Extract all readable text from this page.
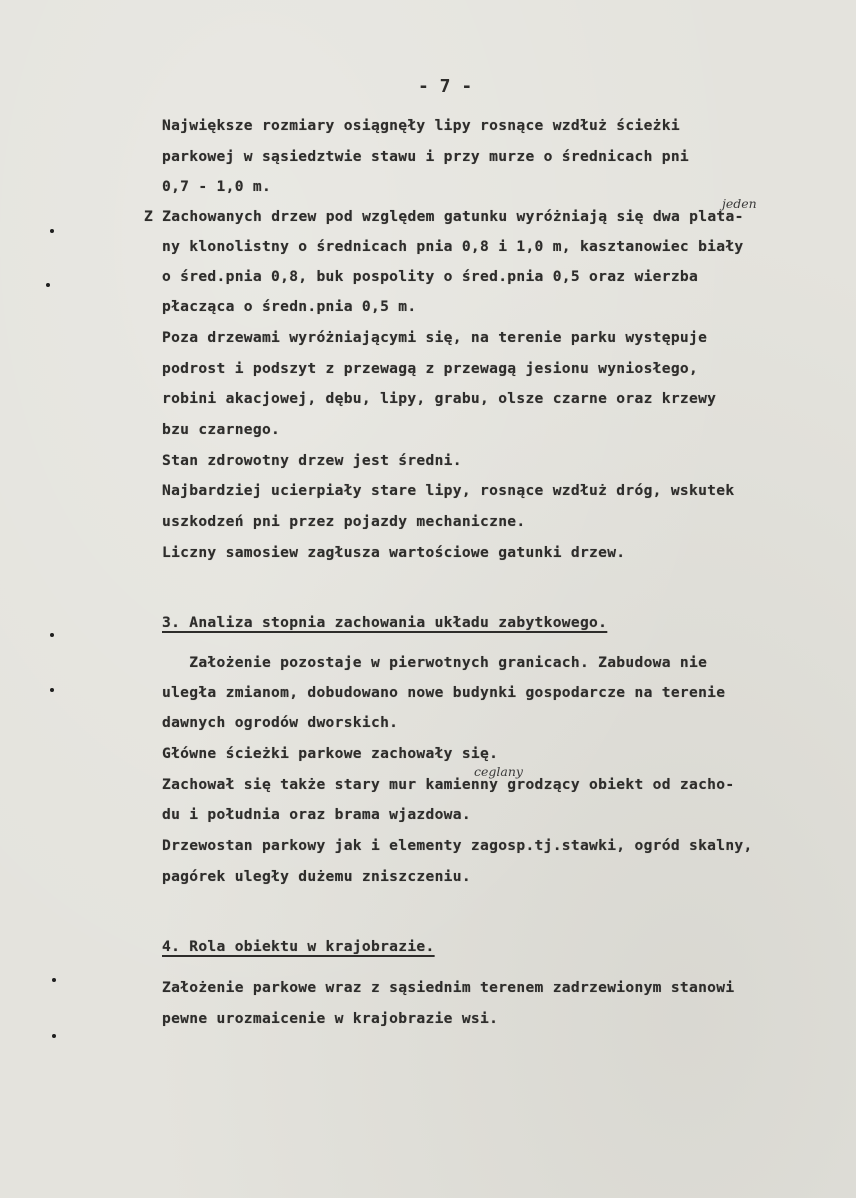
- 7 -
Największe rozmiary osiągnęły lipy rosnące wzdłuż ścieżki
parkowej w sąsiedztwie stawu i przy murze o średnicach pni
0,7 - 1,0 m.
Z Zachowanych drzew pod względem gatunku wyróżniają się dwa plata-
ny klonolistny o średnicach pnia 0,8 i 1,0 m, kasztanowiec biały
o śred.pnia 0,8, buk pospolity o śred.pnia 0,5 oraz wierzba
płacząca o średn.pnia 0,5 m.
Poza drzewami wyróżniającymi się, na terenie parku występuje
podrost i podszyt z przewagą z przewagą jesionu wyniosłego,
robini akacjowej, dębu, lipy, grabu, olsze czarne oraz krzewy
bzu czarnego.
Stan zdrowotny drzew jest średni.
Najbardziej ucierpiały stare lipy, rosnące wzdłuż dróg, wskutek
uszkodzeń pni przez pojazdy mechaniczne.
Liczny samosiew zagłusza wartościowe gatunki drzew.
jeden
3. Analiza stopnia zachowania układu zabytkowego.
Założenie pozostaje w pierwotnych granicach. Zabudowa nie
uległa zmianom, dobudowano nowe budynki gospodarcze na terenie
dawnych ogrodów dworskich.
Główne ścieżki parkowe zachowały się.
Zachował się także stary mur kamienny grodzący obiekt od zacho-
du i południa oraz brama wjazdowa.
Drzewostan parkowy jak i elementy zagosp.tj.stawki, ogród skalny,
pagórek uległy dużemu zniszczeniu.
ceglany
4. Rola obiektu w krajobrazie.
Założenie parkowe wraz z sąsiednim terenem zadrzewionym stanowi
pewne urozmaicenie w krajobrazie wsi.
